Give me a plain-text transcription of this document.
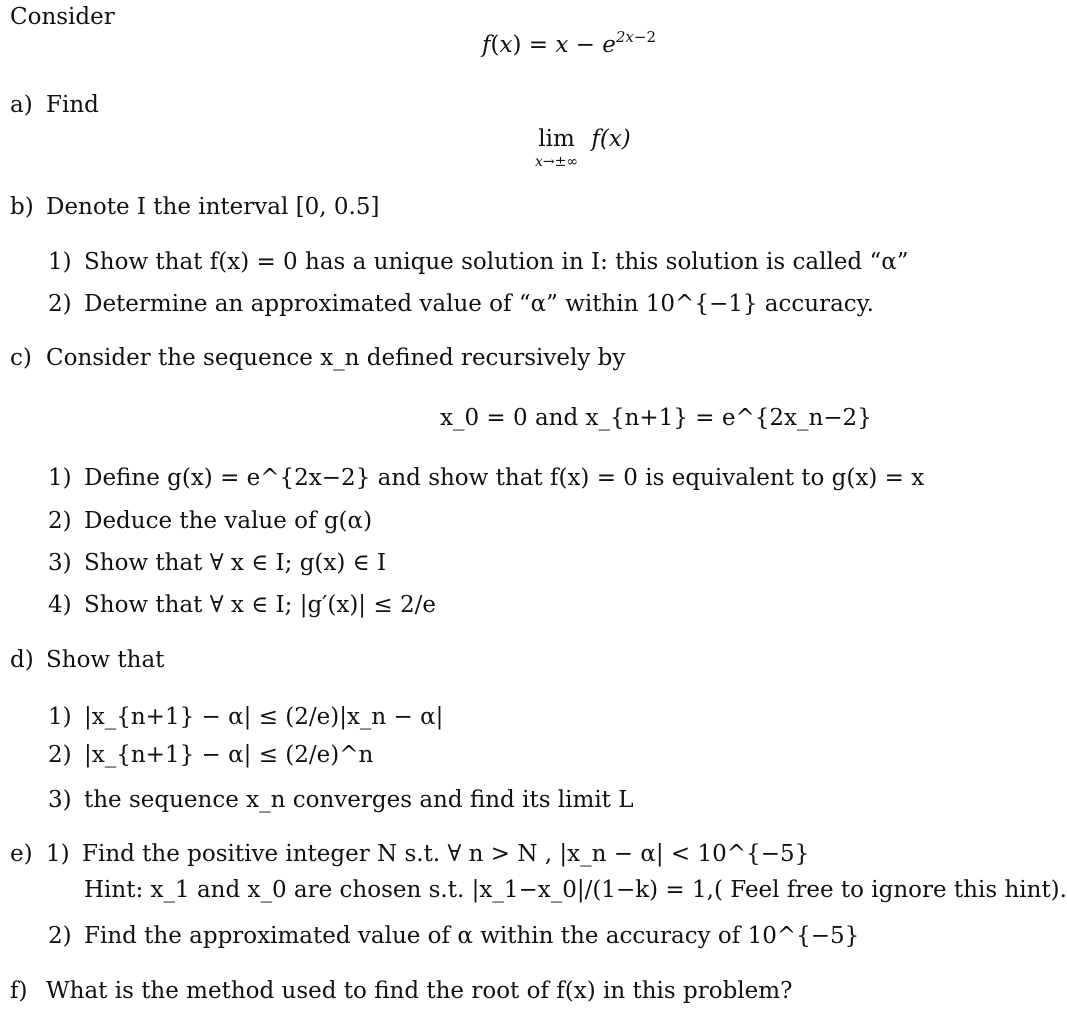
Consider
$f(x) = x - e^{2x-2}$
a) Find
lim
x→±∞
f(x)
b) Denote I the interval [0, 0.5]
1) Show that f(x) = 0 has a unique solution in I: this solution is called “α”
2) Determine an approximated value of “α” within 10^{−1} accuracy.
c) Consider the sequence x_n defined recursively by
x_0 = 0 and x_{n+1} = e^{2x_n−2}
1) Define g(x) = e^{2x−2} and show that f(x) = 0 is equivalent to g(x) = x
2) Deduce the value of g(α)
3) Show that ∀ x ∈ I; g(x) ∈ I
4) Show that ∀ x ∈ I; |g′(x)| ≤ 2/e
d) Show that
1) |x_{n+1} − α| ≤ (2/e)|x_n − α|
2) |x_{n+1} − α| ≤ (2/e)^n
3) the sequence x_n converges and find its limit L
e) 1) Find the positive integer N s.t. ∀ n > N , |x_n − α| < 10^{−5}
Hint: x_1 and x_0 are chosen s.t. |x_1−x_0|/(1−k) = 1,( Feel free to ignore this hint).
2) Find the approximated value of α within the accuracy of 10^{−5}
f) What is the method used to find the root of f(x) in this problem?
